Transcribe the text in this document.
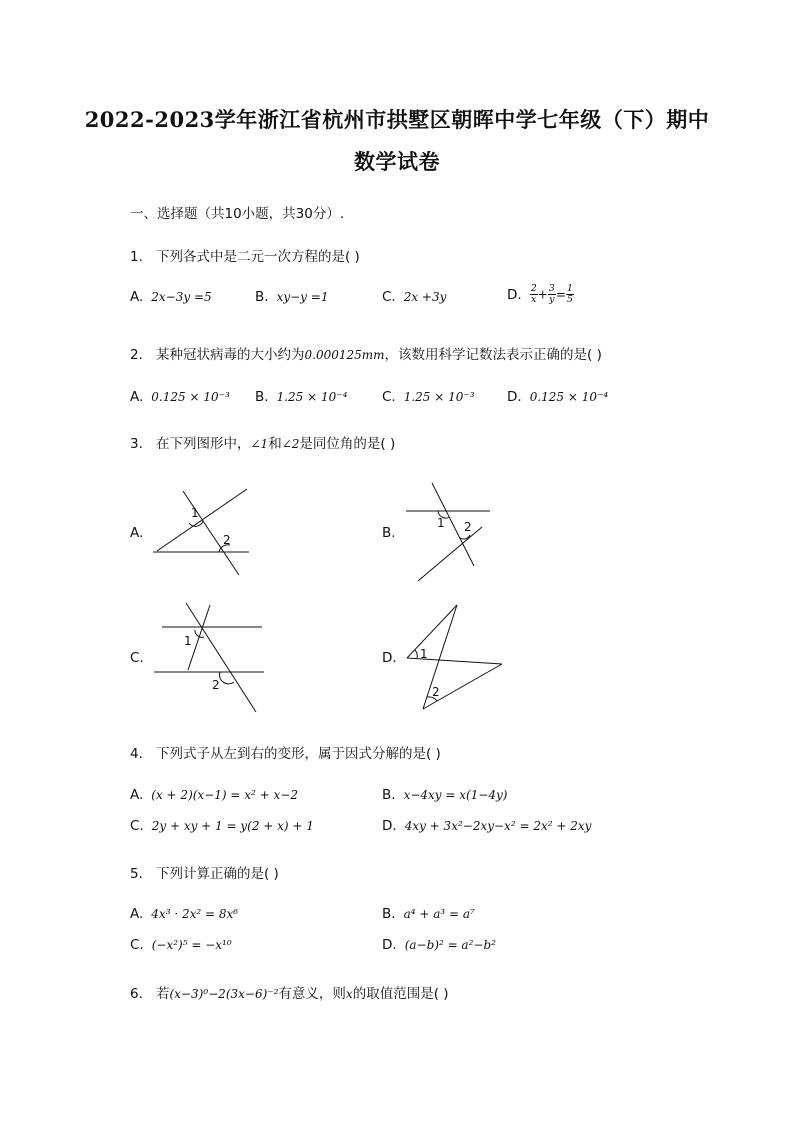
2022-2023学年浙江省杭州市拱墅区朝晖中学七年级（下）期中
数学试卷
一、选择题（共10小题，共30分）.
1. 下列各式中是二元一次方程的是( )
A. 2x−3y =5	B. xy−y =1	C. 2x +3y	D. $\frac{2}{x} + \frac{3}{y} = \frac{1}{5}$
2. 某种冠状病毒的大小约为0.000125mm，该数用科学记数法表示正确的是( )
A. 0.125 × 10⁻³ B. 1.25 × 10⁻⁴	C. 1.25 × 10⁻³ D. 0.125 × 10⁻⁴
3. 在下列图形中，∠1和∠2是同位角的是( )
A.	B.
C.	D.
1
2
1 2
1
2
1
2
4. 下列式子从左到右的变形，属于因式分解的是( )
A. (x + 2)(x−1) = x² + x−2	B. x−4xy = x(1−4y)
C. 2y + xy + 1 = y(2 + x) + 1	D. 4xy + 3x²−2xy−x² = 2x² + 2xy
5. 下列计算正确的是( )
A. 4x³ · 2x² = 8x⁶	B. a⁴ + a³ = a⁷
C. (−x²)⁵ = −x¹⁰	D. (a−b)² = a²−b²
6. 若(x−3)⁰−2(3x−6)⁻²有意义，则x的取值范围是( )
